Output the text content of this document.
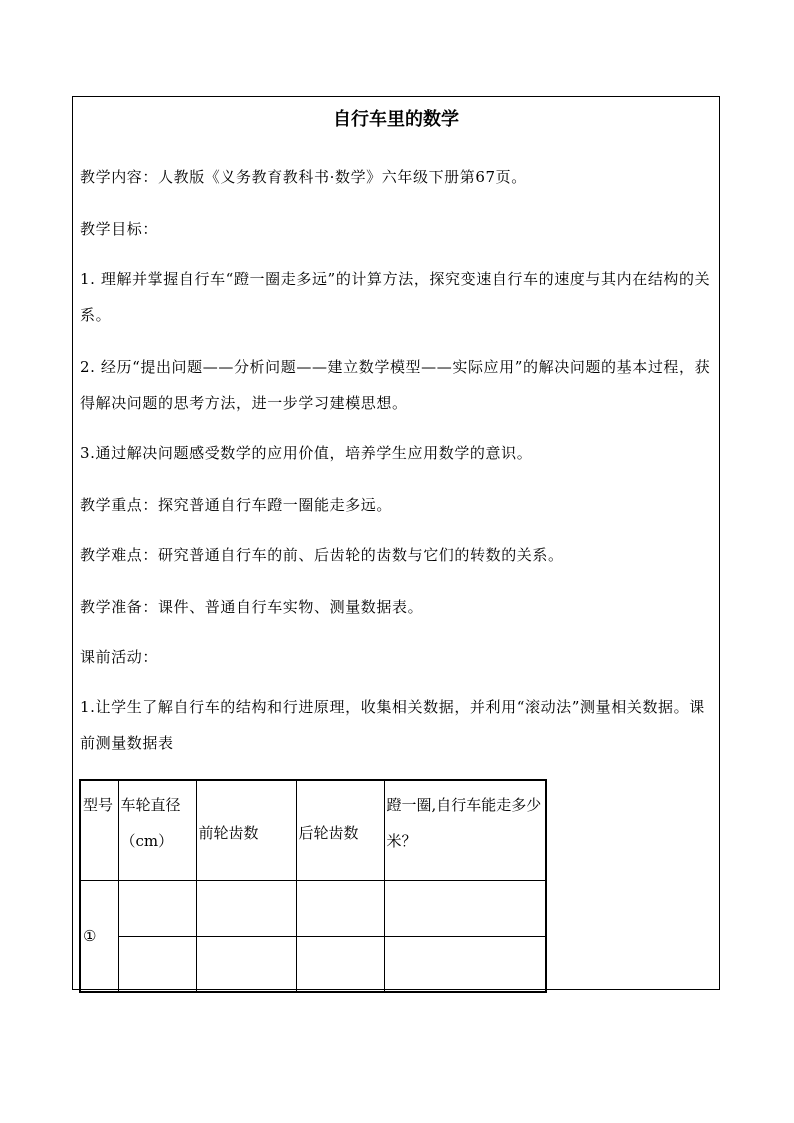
自行车里的数学

教学内容：人教版《义务教育教科书·数学》六年级下册第67页。

教学目标：

1. 理解并掌握自行车“蹬一圈走多远”的计算方法，探究变速自行车的速度与其内在结构的关系。

2. 经历“提出问题——分析问题——建立数学模型——实际应用”的解决问题的基本过程，获得解决问题的思考方法，进一步学习建模思想。

3.通过解决问题感受数学的应用价值，培养学生应用数学的意识。

教学重点：探究普通自行车蹬一圈能走多远。

教学难点：研究普通自行车的前、后齿轮的齿数与它们的转数的关系。

教学准备：课件、普通自行车实物、测量数据表。

课前活动：

1.让学生了解自行车的结构和行进原理，收集相关数据，并利用“滚动法”测量相关数据。课前测量数据表

型号	车轮直径（cm）	前轮齿数	后轮齿数	蹬一圈,自行车能走多少米？
①				
